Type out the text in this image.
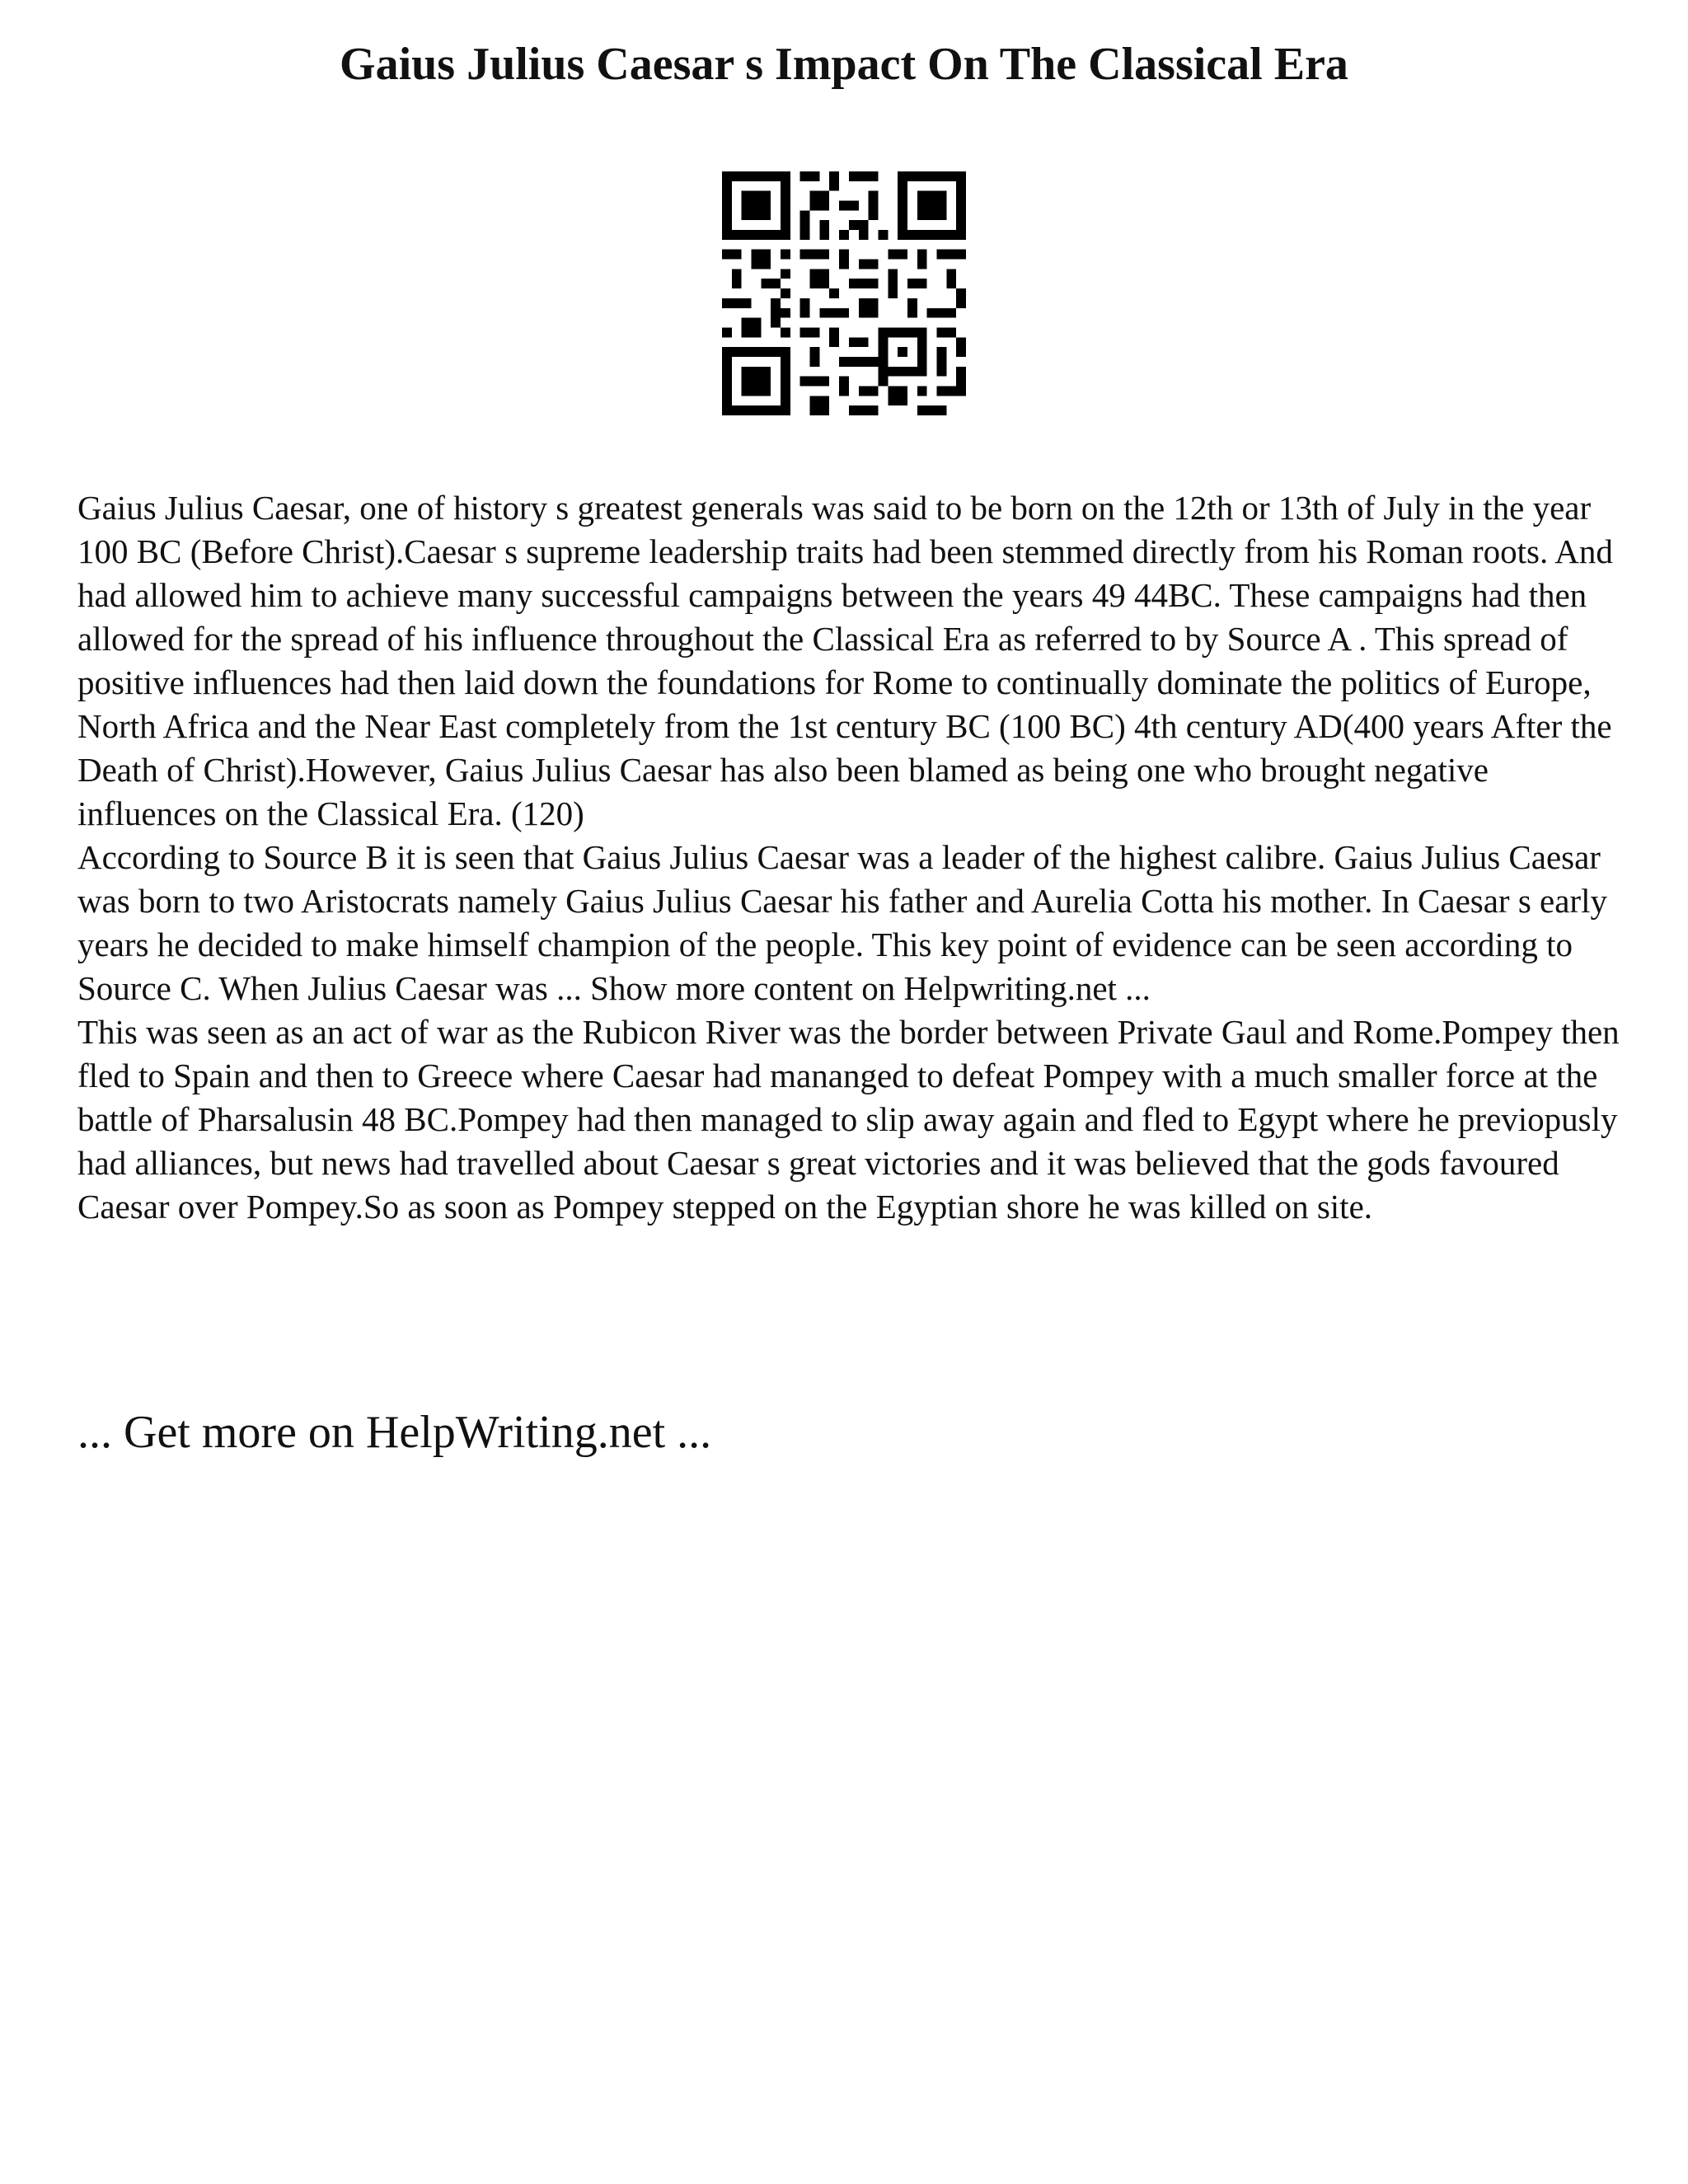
Gaius Julius Caesar s Impact On The Classical Era

Gaius Julius Caesar, one of history s greatest generals was said to be born on the 12th or 13th of July in the year 100 BC (Before Christ).Caesar s supreme leadership traits had been stemmed directly from his Roman roots. And had allowed him to achieve many successful campaigns between the years 49 44BC. These campaigns had then allowed for the spread of his influence throughout the Classical Era as referred to by Source A . This spread of positive influences had then laid down the foundations for Rome to continually dominate the politics of Europe, North Africa and the Near East completely from the 1st century BC (100 BC) 4th century AD(400 years After the Death of Christ).However, Gaius Julius Caesar has also been blamed as being one who brought negative influences on the Classical Era. (120)

According to Source B it is seen that Gaius Julius Caesar was a leader of the highest calibre. Gaius Julius Caesar was born to two Aristocrats namely Gaius Julius Caesar his father and Aurelia Cotta his mother. In Caesar s early years he decided to make himself champion of the people. This key point of evidence can be seen according to Source C. When Julius Caesar was ... Show more content on Helpwriting.net ...

This was seen as an act of war as the Rubicon River was the border between Private Gaul and Rome.Pompey then fled to Spain and then to Greece where Caesar had mananged to defeat Pompey with a much smaller force at the battle of Pharsalusin 48 BC.Pompey had then managed to slip away again and fled to Egypt where he previopusly had alliances, but news had travelled about Caesar s great victories and it was believed that the gods favoured Caesar over Pompey.So as soon as Pompey stepped on the Egyptian shore he was killed on site.

... Get more on HelpWriting.net ...
